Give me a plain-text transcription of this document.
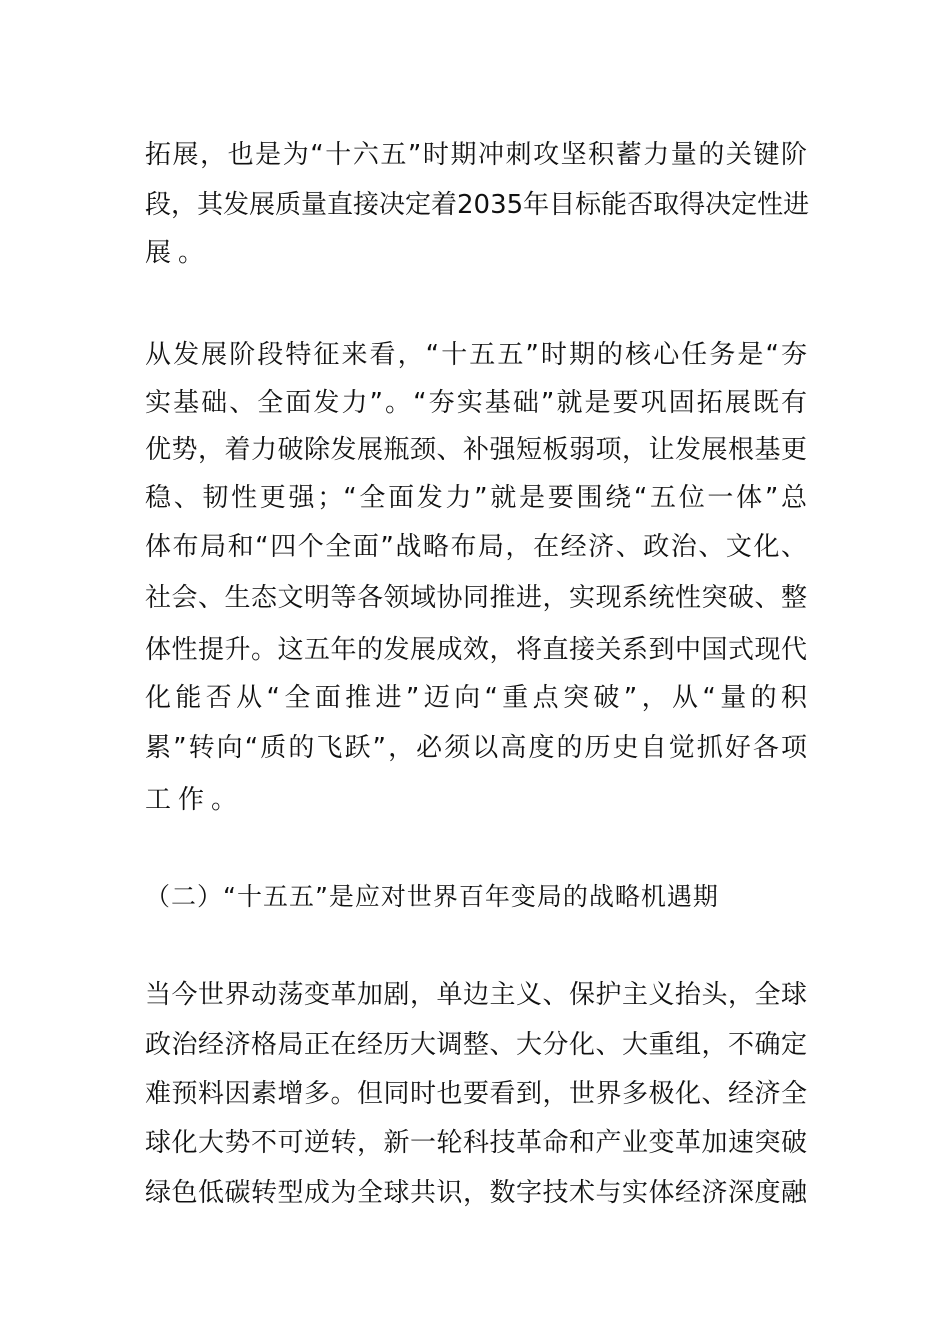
拓展，也是为“十六五”时期冲刺攻坚积蓄力量的关键阶
段，其发展质量直接决定着2035年目标能否取得决定性进
展。
从发展阶段特征来看，“十五五”时期的核心任务是“夯
实基础、全面发力”。“夯实基础”就是要巩固拓展既有
优势，着力破除发展瓶颈、补强短板弱项，让发展根基更
稳、韧性更强；“全面发力”就是要围绕“五位一体”总
体布局和“四个全面”战略布局，在经济、政治、文化、
社会、生态文明等各领域协同推进，实现系统性突破、整
体性提升。这五年的发展成效，将直接关系到中国式现代
化能否从“全面推进”迈向“重点突破”，从“量的积
累”转向“质的飞跃”，必须以高度的历史自觉抓好各项
工作。
（二）“十五五”是应对世界百年变局的战略机遇期
当今世界动荡变革加剧，单边主义、保护主义抬头，全球
政治经济格局正在经历大调整、大分化、大重组，不确定
难预料因素增多。但同时也要看到，世界多极化、经济全
球化大势不可逆转，新一轮科技革命和产业变革加速突破
绿色低碳转型成为全球共识，数字技术与实体经济深度融
